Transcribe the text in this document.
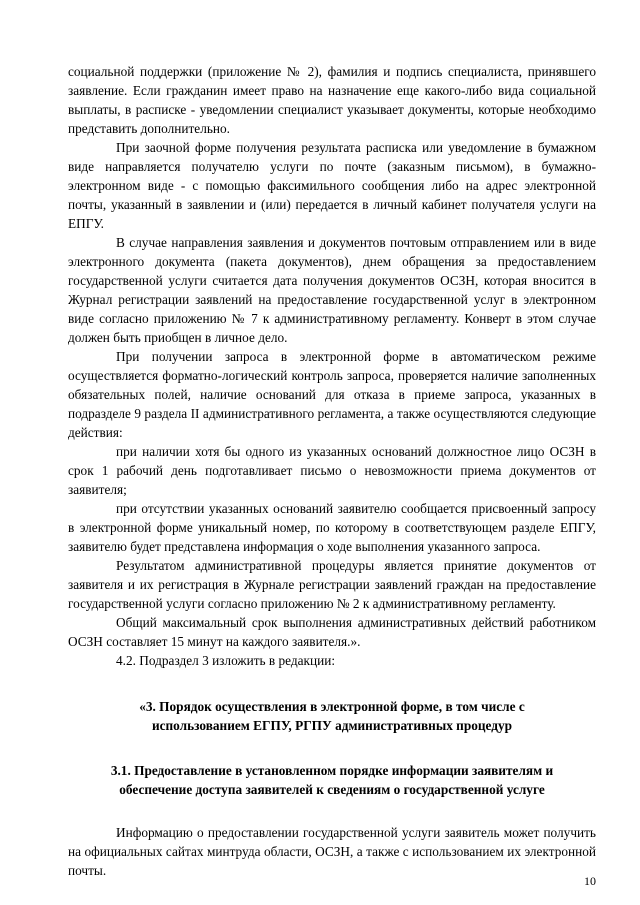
социальной поддержки (приложение № 2), фамилия и подпись специалиста, принявшего заявление. Если гражданин имеет право на назначение еще какого-либо вида социальной выплаты, в расписке - уведомлении специалист указывает документы, которые необходимо представить дополнительно.

При заочной форме получения результата расписка или уведомление в бумажном виде направляется получателю услуги по почте (заказным письмом), в бумажно-электронном виде - с помощью факсимильного сообщения либо на адрес электронной почты, указанный в заявлении и (или) передается в личный кабинет получателя услуги на ЕПГУ.

В случае направления заявления и документов почтовым отправлением или в виде электронного документа (пакета документов), днем обращения за предоставлением государственной услуги считается дата получения документов ОСЗН, которая вносится в Журнал регистрации заявлений на предоставление государственной услуг в электронном виде согласно приложению № 7 к административному регламенту. Конверт в этом случае должен быть приобщен в личное дело.

При получении запроса в электронной форме в автоматическом режиме осуществляется форматно-логический контроль запроса, проверяется наличие заполненных обязательных полей, наличие оснований для отказа в приеме запроса, указанных в подразделе 9 раздела II административного регламента, а также осуществляются следующие действия:

при наличии хотя бы одного из указанных оснований должностное лицо ОСЗН в срок 1 рабочий день подготавливает письмо о невозможности приема документов от заявителя;

при отсутствии указанных оснований заявителю сообщается присвоенный запросу в электронной форме уникальный номер, по которому в соответствующем разделе ЕПГУ, заявителю будет представлена информация о ходе выполнения указанного запроса.

Результатом административной процедуры является принятие документов от заявителя и их регистрация в Журнале регистрации заявлений граждан на предоставление государственной услуги согласно приложению № 2 к административному регламенту.

Общий максимальный срок выполнения административных действий работником ОСЗН составляет 15 минут на каждого заявителя.».

4.2. Подраздел 3 изложить в редакции:

«3. Порядок осуществления в электронной форме, в том числе с
использованием ЕГПУ, РГПУ административных процедур
3.1. Предоставление в установленном порядке информации заявителям и
обеспечение доступа заявителей к сведениям о государственной услуге

Информацию о предоставлении государственной услуги заявитель может получить на официальных сайтах минтруда области, ОСЗН, а также с использованием их электронной почты.

10
